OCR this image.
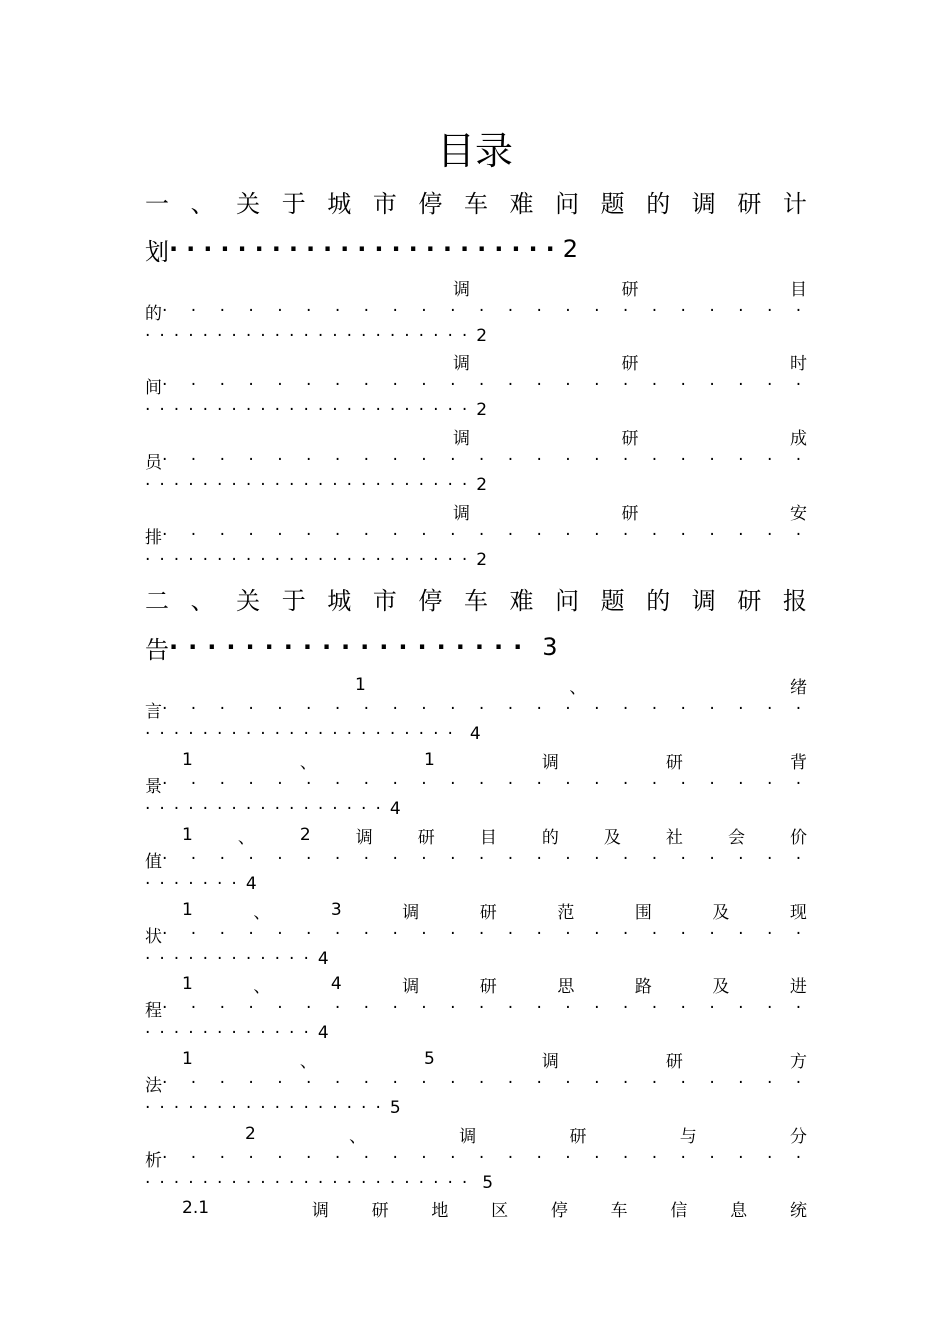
目录
一 、 关 于 城 市 停 车 难 问 题 的 调 研 计
划 ······················· 2
调	研	目
的
· · ·
······················· 2
调	研	时
间
· · ·
······················· 2
调	研	成
员
· · ·
······················· 2
调	研	安
排
· · ·
······················· 2
二 、 关 于 城 市 停 车 难 问 题 的 调 研 报
告 ··················· 3
1	、	绪
言
· · ·
······················ 4
1	、	1	调	研	背
景
· · ·
················· 4
1	、	2	调	研	目	的	及	社	会	价
值
· · ·
······· 4
1	、	3	调	研	范	围	及	现
状
· · ·
············ 4
1	、	4	调	研	思	路	及	进
程
· · ·
············ 4
1	、	5	调	研	方
法
· · ·
················· 5
2	、	调	研	与	分
析
· · ·
······················· 5
2.1	调	研	地	区	停	车	信	息	统
